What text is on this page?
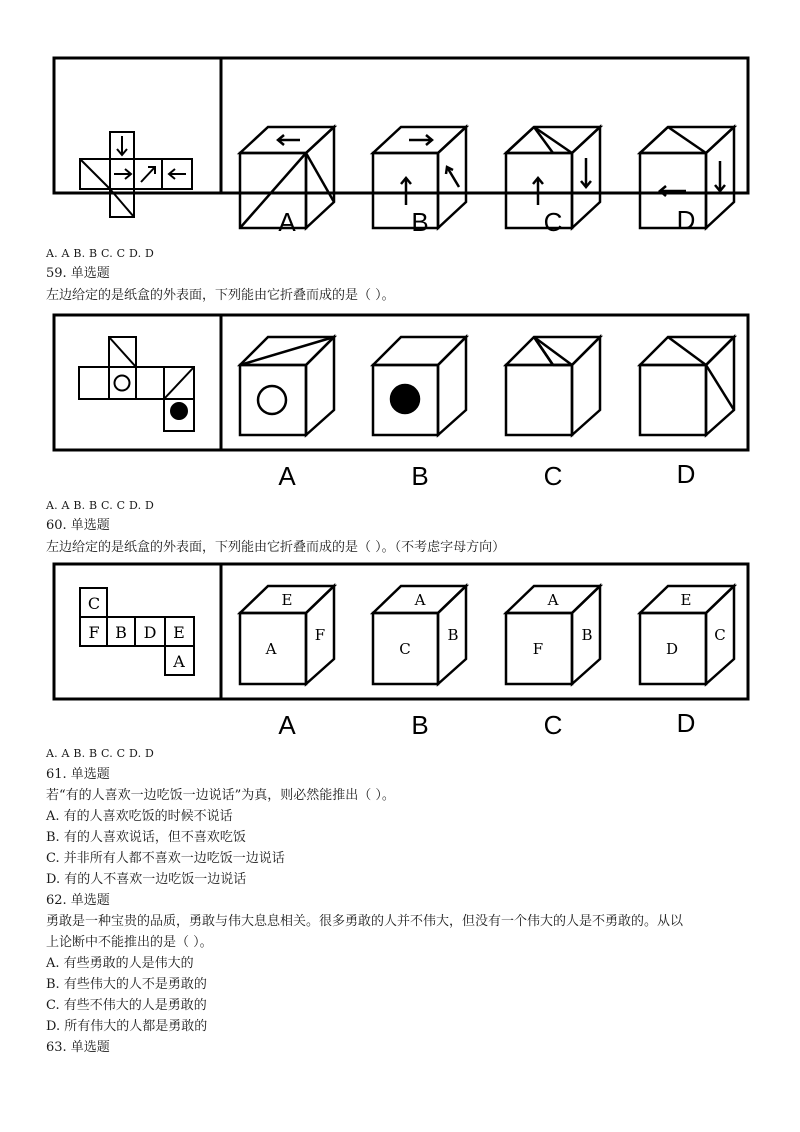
A	B	C	D
A. A B. B C. C D. D
59. 单选题
左边给定的是纸盒的外表面，下列能由它折叠而成的是（ ）。
A	B	C	D
A. A B. B C. C D. D
60. 单选题
左边给定的是纸盒的外表面，下列能由它折叠而成的是（ ）。（不考虑字母方向）
C
F B D E
A
E
A
F
A
C
B
A
F
B
E
D
C
A	B	C	D
A. A B. B C. C D. D
61. 单选题
若“有的人喜欢一边吃饭一边说话”为真，则必然能推出（ ）。
A. 有的人喜欢吃饭的时候不说话
B. 有的人喜欢说话，但不喜欢吃饭
C. 并非所有人都不喜欢一边吃饭一边说话
D. 有的人不喜欢一边吃饭一边说话
62. 单选题
勇敢是一种宝贵的品质，勇敢与伟大息息相关。很多勇敢的人并不伟大，但没有一个伟大的人是不勇敢的。从以
上论断中不能推出的是（ ）。
A. 有些勇敢的人是伟大的
B. 有些伟大的人不是勇敢的
C. 有些不伟大的人是勇敢的
D. 所有伟大的人都是勇敢的
63. 单选题
